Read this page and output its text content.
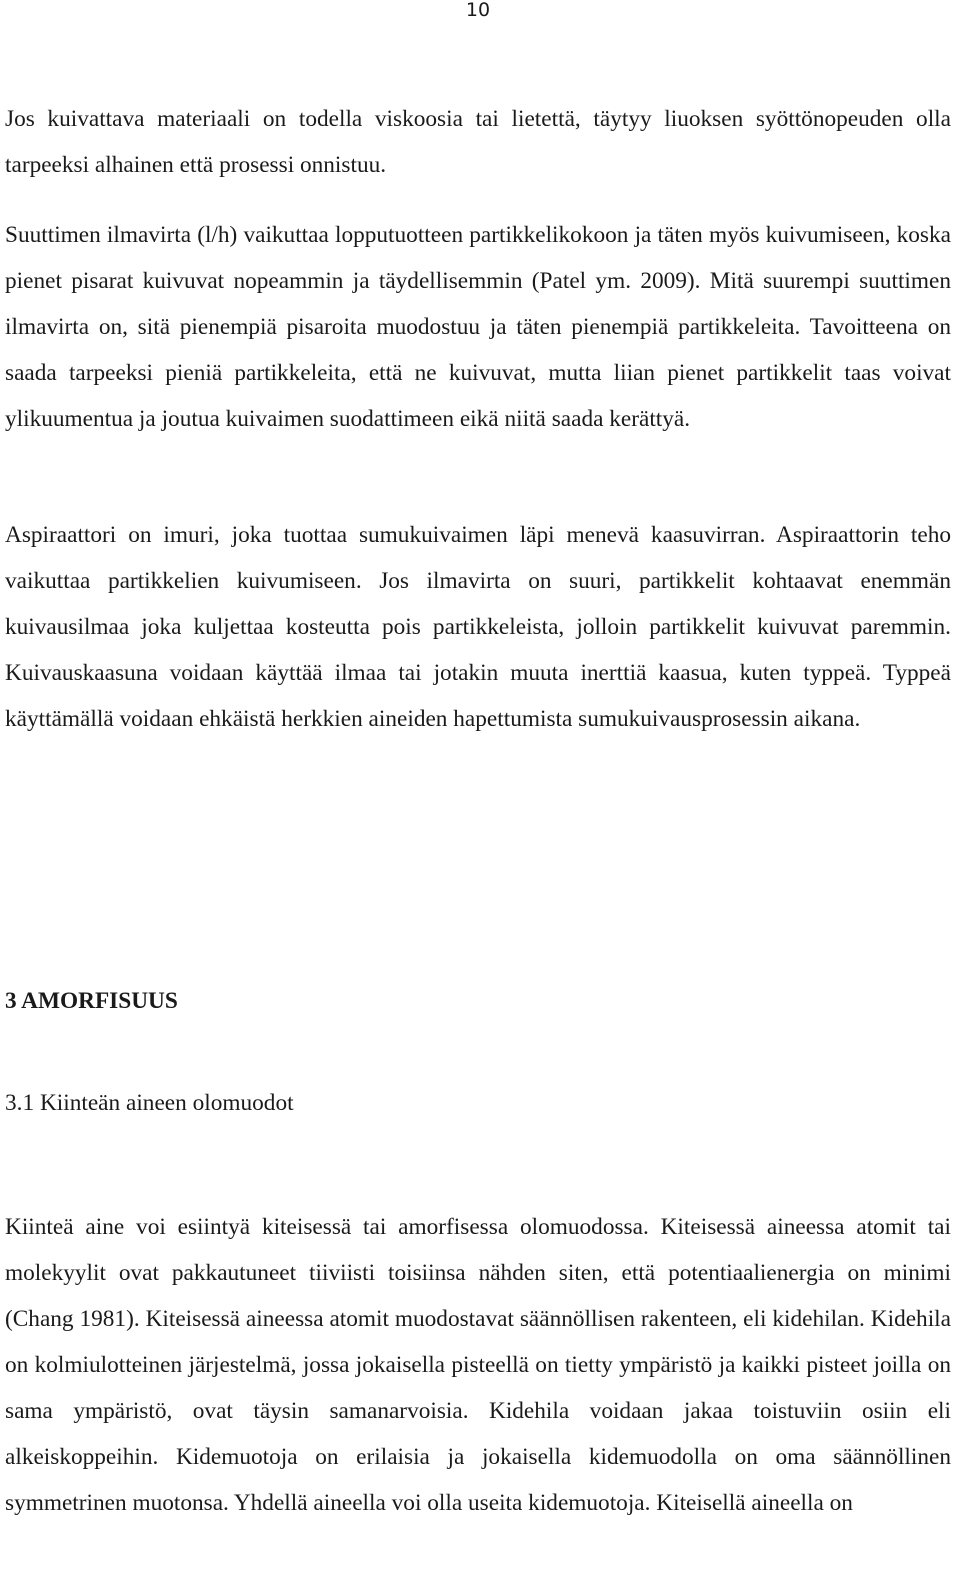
10

Jos kuivattava materiaali on todella viskoosia tai lietettä, täytyy liuoksen syöttönopeuden olla tarpeeksi alhainen että prosessi onnistuu.

Suuttimen ilmavirta (l/h) vaikuttaa lopputuotteen partikkelikokoon ja täten myös kuivumiseen, koska pienet pisarat kuivuvat nopeammin ja täydellisemmin (Patel ym. 2009). Mitä suurempi suuttimen ilmavirta on, sitä pienempiä pisaroita muodostuu ja täten pienempiä partikkeleita. Tavoitteena on saada tarpeeksi pieniä partikkeleita, että ne kuivuvat, mutta liian pienet partikkelit taas voivat ylikuumentua ja joutua kuivaimen suodattimeen eikä niitä saada kerättyä.

Aspiraattori on imuri, joka tuottaa sumukuivaimen läpi menevä kaasuvirran. Aspiraattorin teho vaikuttaa partikkelien kuivumiseen. Jos ilmavirta on suuri, partikkelit kohtaavat enemmän kuivausilmaa joka kuljettaa kosteutta pois partikkeleista, jolloin partikkelit kuivuvat paremmin. Kuivauskaasuna voidaan käyttää ilmaa tai jotakin muuta inerttiä kaasua, kuten typpeä. Typpeä käyttämällä voidaan ehkäistä herkkien aineiden hapettumista sumukuivausprosessin aikana.

3 AMORFISUUS
3.1 Kiinteän aineen olomuodot

Kiinteä aine voi esiintyä kiteisessä tai amorfisessa olomuodossa. Kiteisessä aineessa atomit tai molekyylit ovat pakkautuneet tiiviisti toisiinsa nähden siten, että potentiaalienergia on minimi (Chang 1981). Kiteisessä aineessa atomit muodostavat säännöllisen rakenteen, eli kidehilan. Kidehila on kolmiulotteinen järjestelmä, jossa jokaisella pisteellä on tietty ympäristö ja kaikki pisteet joilla on sama ympäristö, ovat täysin samanarvoisia. Kidehila voidaan jakaa toistuviin osiin eli alkeiskoppeihin. Kidemuotoja on erilaisia ja jokaisella kidemuodolla on oma säännöllinen symmetrinen muotonsa. Yhdellä aineella voi olla useita kidemuotoja. Kiteisellä aineella on
